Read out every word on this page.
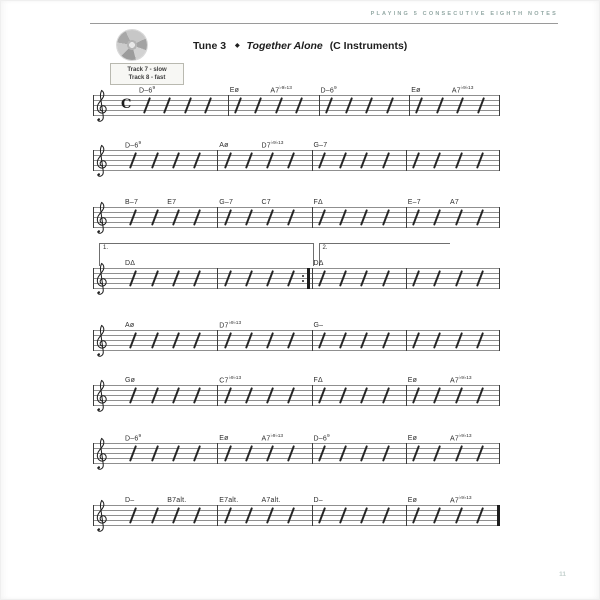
PLAYING 5 CONSECUTIVE EIGHTH NOTES
Track 7 - slow
Track 8 - fast
Tune 3 ◆ Together Alone (C Instruments)
C
$D-6^9$	Eø	$A7^{♭9♭13}$	$D-6^9$	Eø	$A7^{♭9♭13}$
$D-6^9$	Aø	$D7^{♭9♭13}$	G–7
B–7	E7	G–7	C7	FΔ	E–7	A7
1.	2.
DΔ	DΔ
Aø	$D7^{♭9♭13}$	G–
Gø	$C7^{♭9♭13}$	FΔ	Eø	$A7^{♭9♭13}$
$D-6^9$	Eø	$A7^{♭9♭13}$	$D-6^9$	Eø	$A7^{♭9♭13}$
D–	B7alt.	E7alt.	A7alt.	D–	Eø	$A7^{♭9♭13}$
11
